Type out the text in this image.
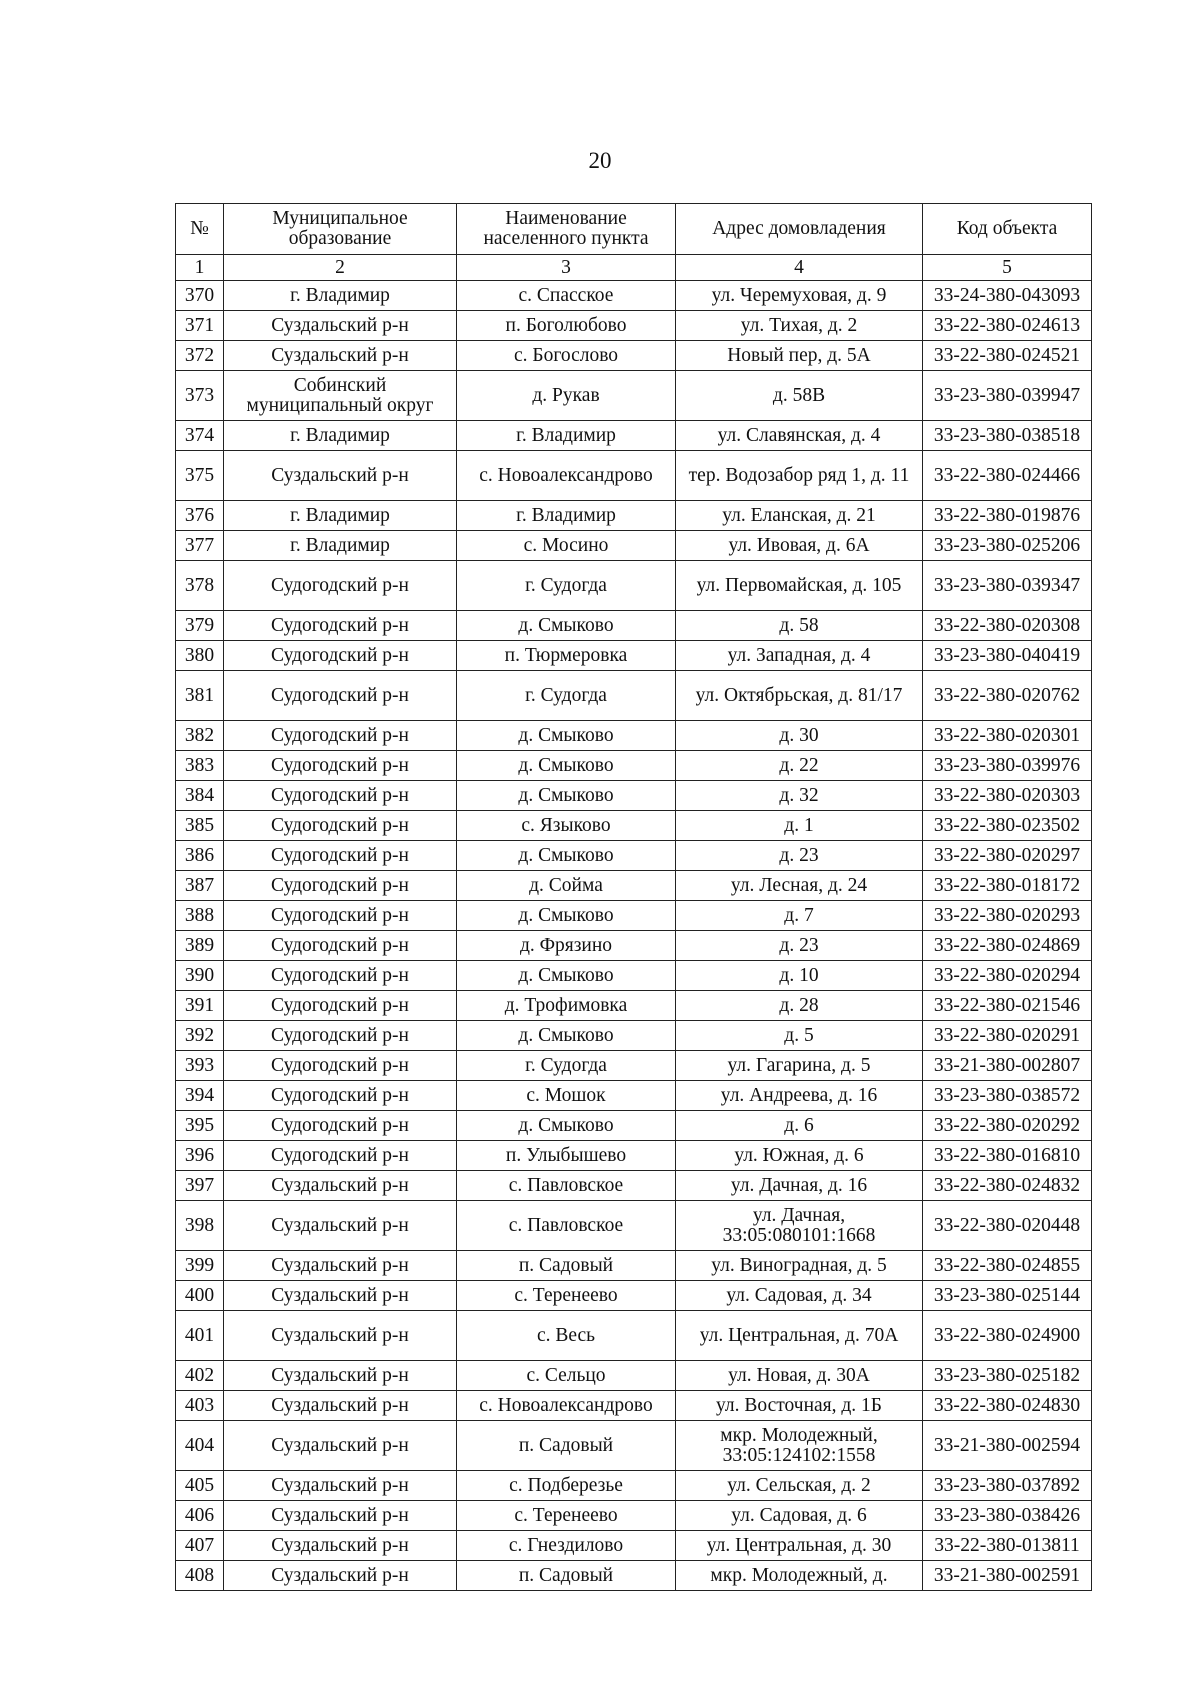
20
№	Муниципальное образование	Наименование населенного пункта	Адрес домовладения	Код объекта
1	2	3	4	5
370	г. Владимир	с. Спасское	ул. Черемуховая, д. 9	33-24-380-043093
371	Суздальский р-н	п. Боголюбово	ул. Тихая, д. 2	33-22-380-024613
372	Суздальский р-н	с. Богослово	Новый пер, д. 5А	33-22-380-024521
373	Собинский муниципальный округ	д. Рукав	д. 58В	33-23-380-039947
374	г. Владимир	г. Владимир	ул. Славянская, д. 4	33-23-380-038518
375	Суздальский р-н	с. Новоалександрово	тер. Водозабор ряд 1, д. 11	33-22-380-024466
376	г. Владимир	г. Владимир	ул. Еланская, д. 21	33-22-380-019876
377	г. Владимир	с. Мосино	ул. Ивовая, д. 6А	33-23-380-025206
378	Судогодский р-н	г. Судогда	ул. Первомайская, д. 105	33-23-380-039347
379	Судогодский р-н	д. Смыково	д. 58	33-22-380-020308
380	Судогодский р-н	п. Тюрмеровка	ул. Западная, д. 4	33-23-380-040419
381	Судогодский р-н	г. Судогда	ул. Октябрьская, д. 81/17	33-22-380-020762
382	Судогодский р-н	д. Смыково	д. 30	33-22-380-020301
383	Судогодский р-н	д. Смыково	д. 22	33-23-380-039976
384	Судогодский р-н	д. Смыково	д. 32	33-22-380-020303
385	Судогодский р-н	с. Языково	д. 1	33-22-380-023502
386	Судогодский р-н	д. Смыково	д. 23	33-22-380-020297
387	Судогодский р-н	д. Сойма	ул. Лесная, д. 24	33-22-380-018172
388	Судогодский р-н	д. Смыково	д. 7	33-22-380-020293
389	Судогодский р-н	д. Фрязино	д. 23	33-22-380-024869
390	Судогодский р-н	д. Смыково	д. 10	33-22-380-020294
391	Судогодский р-н	д. Трофимовка	д. 28	33-22-380-021546
392	Судогодский р-н	д. Смыково	д. 5	33-22-380-020291
393	Судогодский р-н	г. Судогда	ул. Гагарина, д. 5	33-21-380-002807
394	Судогодский р-н	с. Мошок	ул. Андреева, д. 16	33-23-380-038572
395	Судогодский р-н	д. Смыково	д. 6	33-22-380-020292
396	Судогодский р-н	п. Улыбышево	ул. Южная, д. 6	33-22-380-016810
397	Суздальский р-н	с. Павловское	ул. Дачная, д. 16	33-22-380-024832
398	Суздальский р-н	с. Павловское	ул. Дачная, 33:05:080101:1668	33-22-380-020448
399	Суздальский р-н	п. Садовый	ул. Виноградная, д. 5	33-22-380-024855
400	Суздальский р-н	с. Теренеево	ул. Садовая, д. 34	33-23-380-025144
401	Суздальский р-н	с. Весь	ул. Центральная, д. 70А	33-22-380-024900
402	Суздальский р-н	с. Сельцо	ул. Новая, д. 30А	33-23-380-025182
403	Суздальский р-н	с. Новоалександрово	ул. Восточная, д. 1Б	33-22-380-024830
404	Суздальский р-н	п. Садовый	мкр. Молодежный, 33:05:124102:1558	33-21-380-002594
405	Суздальский р-н	с. Подберезье	ул. Сельская, д. 2	33-23-380-037892
406	Суздальский р-н	с. Теренеево	ул. Садовая, д. 6	33-23-380-038426
407	Суздальский р-н	с. Гнездилово	ул. Центральная, д. 30	33-22-380-013811
408	Суздальский р-н	п. Садовый	мкр. Молодежный, д.	33-21-380-002591
